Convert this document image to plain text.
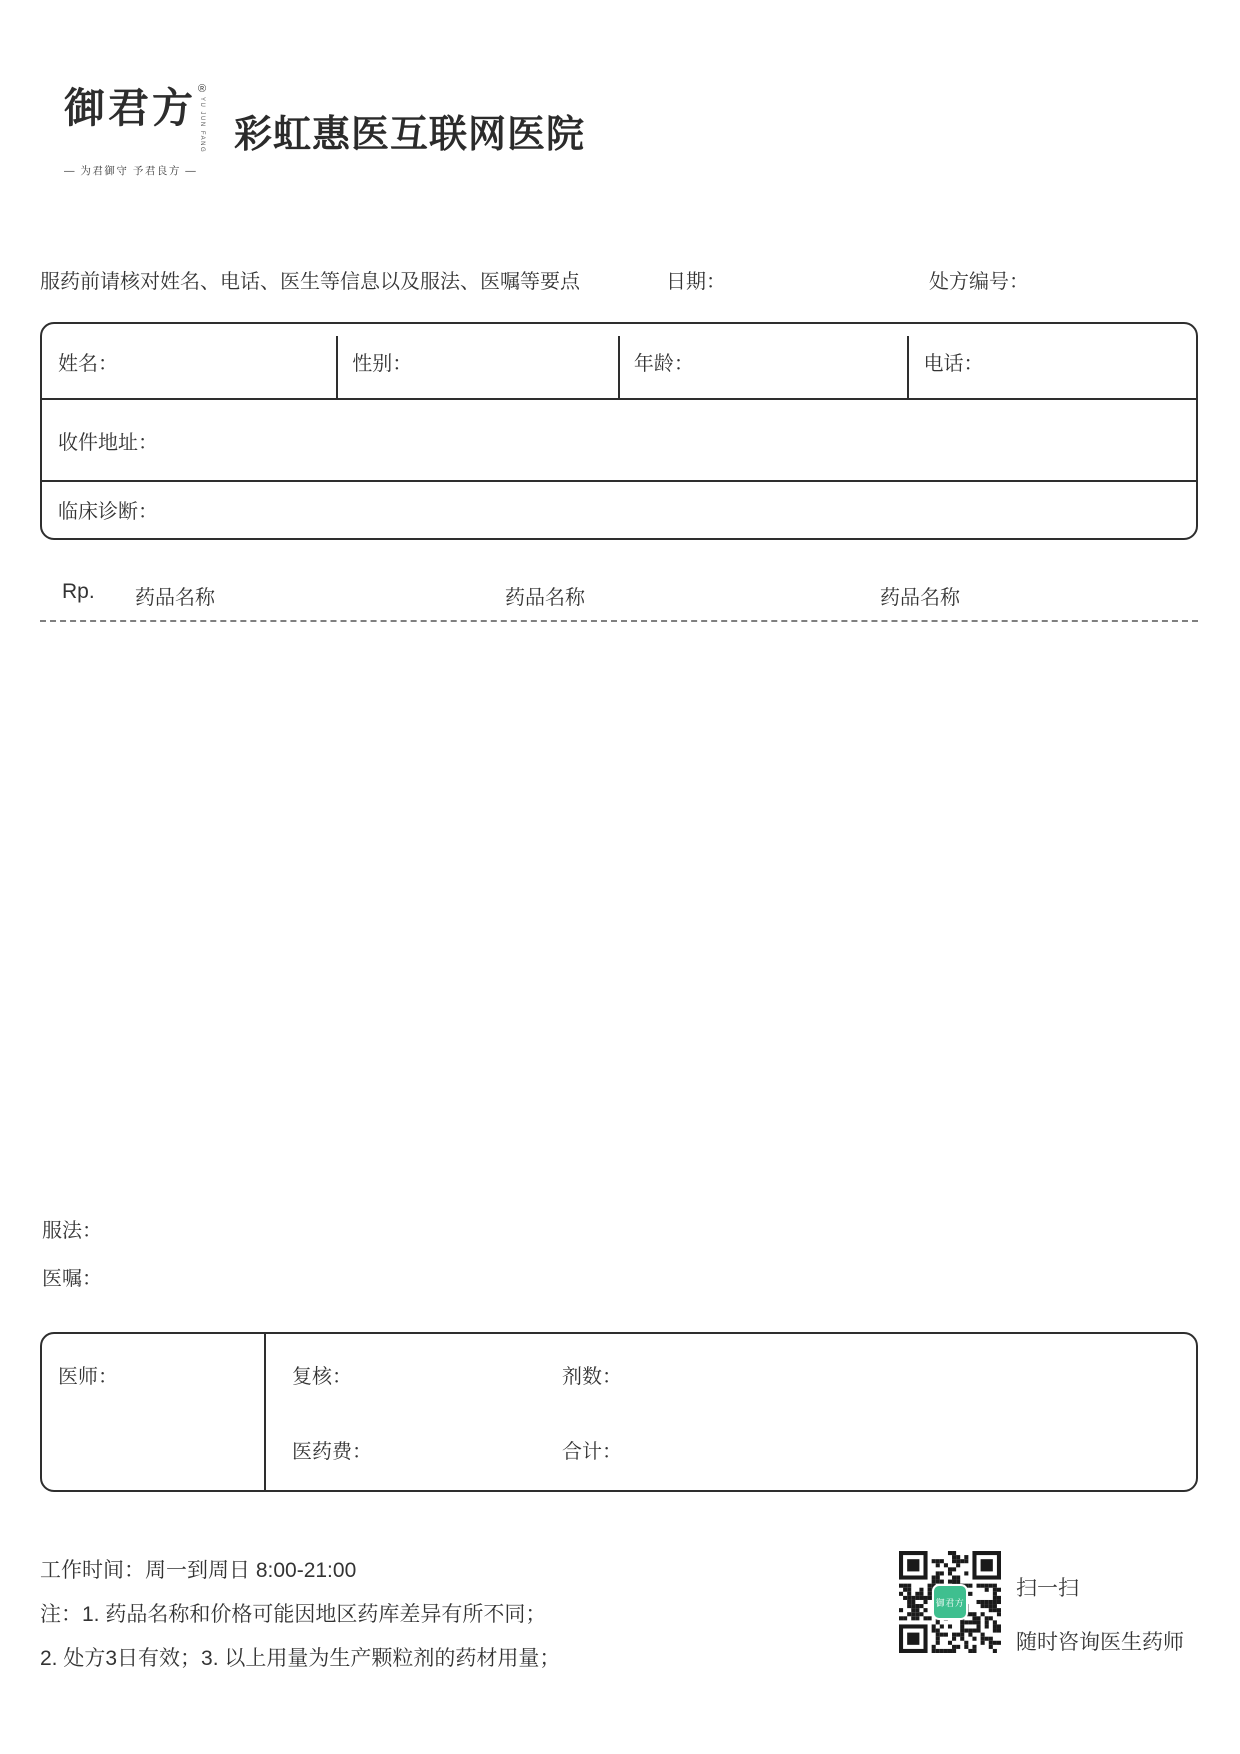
御君方 ®
YU JUN FANG
— 为君御守 予君良方 —
彩虹惠医互联网医院
服药前请核对姓名、电话、医生等信息以及服法、医嘱等要点	日期：	处方编号：
姓名：	性别：	年龄：	电话：
收件地址：
临床诊断：
Rp. 药品名称	药品名称	药品名称
服法：
医嘱：
医师：	复核：	剂数：
医药费：	合计：
工作时间：周一到周日 8:00-21:00
注：1. 药品名称和价格可能因地区药库差异有所不同；
2. 处方3日有效；3. 以上用量为生产颗粒剂的药材用量；
御君方
扫一扫
随时咨询医生药师
